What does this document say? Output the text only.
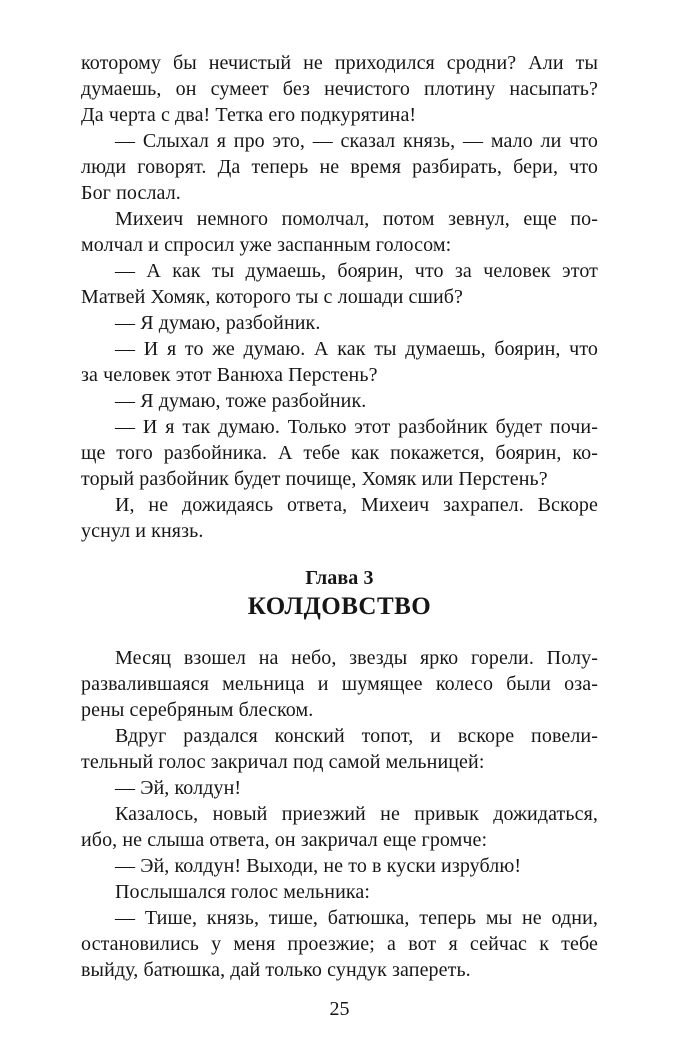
которому бы нечистый не приходился сродни? Али ты
думаешь, он сумеет без нечистого плотину насыпать?
Да черта с два! Тетка его подкурятина!
— Слыхал я про это, — сказал князь, — мало ли что
люди говорят. Да теперь не время разбирать, бери, что
Бог послал.
Михеич немного помолчал, потом зевнул, еще по-
молчал и спросил уже заспанным голосом:
— А как ты думаешь, боярин, что за человек этот
Матвей Хомяк, которого ты с лошади сшиб?
— Я думаю, разбойник.
— И я то же думаю. А как ты думаешь, боярин, что
за человек этот Ванюха Перстень?
— Я думаю, тоже разбойник.
— И я так думаю. Только этот разбойник будет почи-
ще того разбойника. А тебе как покажется, боярин, ко-
торый разбойник будет почище, Хомяк или Перстень?
И, не дожидаясь ответа, Михеич захрапел. Вскоре
уснул и князь.
Глава 3
КОЛДОВСТВО
Месяц взошел на небо, звезды ярко горели. Полу-
развалившаяся мельница и шумящее колесо были оза-
рены серебряным блеском.
Вдруг раздался конский топот, и вскоре повели-
тельный голос закричал под самой мельницей:
— Эй, колдун!
Казалось, новый приезжий не привык дожидаться,
ибо, не слыша ответа, он закричал еще громче:
— Эй, колдун! Выходи, не то в куски изрублю!
Послышался голос мельника:
— Тише, князь, тише, батюшка, теперь мы не одни,
остановились у меня проезжие; а вот я сейчас к тебе
выйду, батюшка, дай только сундук запереть.
25
